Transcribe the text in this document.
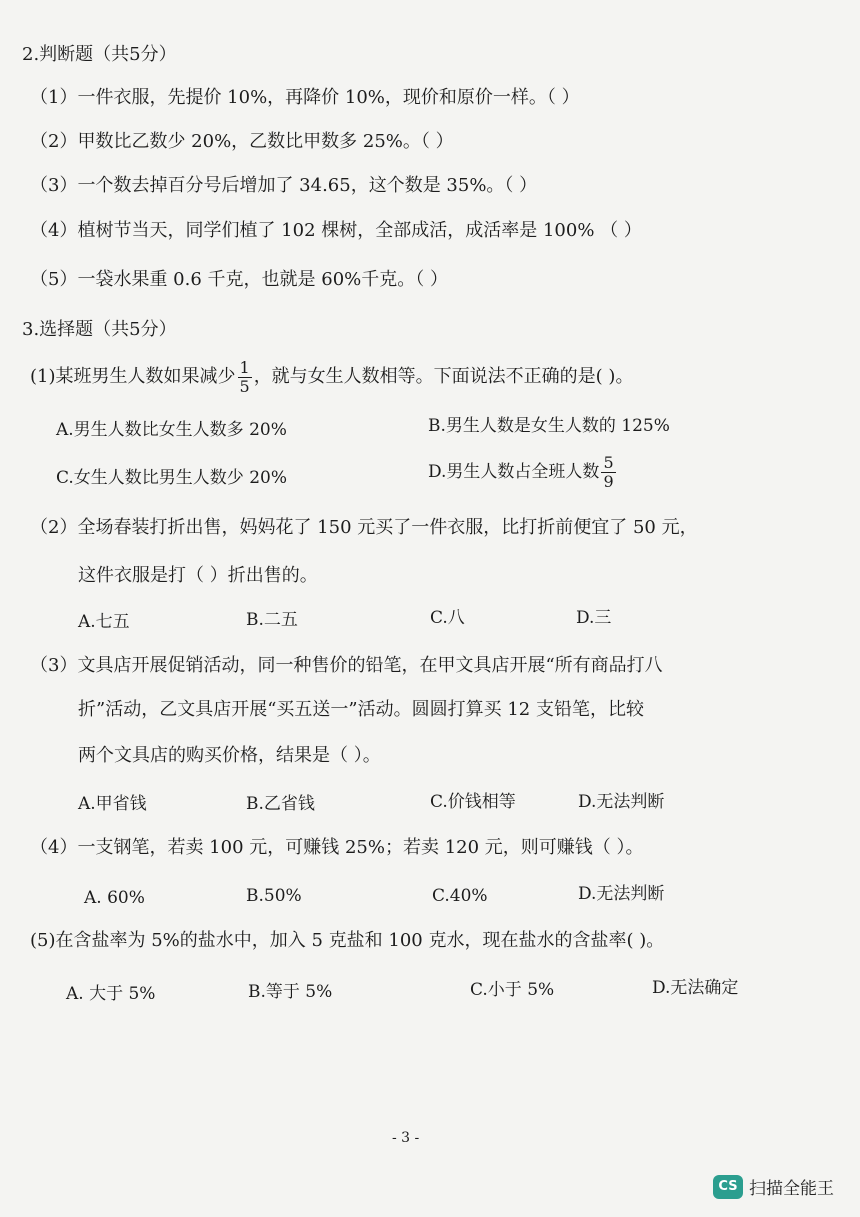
2.判断题（共5分）
（1）一件衣服，先提价 10%，再降价 10%，现价和原价一样。（ ）
（2）甲数比乙数少 20%，乙数比甲数多 25%。（ ）
（3）一个数去掉百分号后增加了 34.65，这个数是 35%。（ ）
（4）植树节当天，同学们植了 102 棵树，全部成活，成活率是 100% （ ）
（5）一袋水果重 0.6 千克，也就是 60%千克。（ ）
3.选择题（共5分）
(1)某班男生人数如果减少 $\frac{1}{5}$ ，就与女生人数相等。下面说法不正确的是( )。
A.男生人数比女生人数多 20%	B.男生人数是女生人数的 125%
C.女生人数比男生人数少 20%	D.男生人数占全班人数 $\frac{5}{9}$
（2）全场春装打折出售，妈妈花了 150 元买了一件衣服，比打折前便宜了 50 元，
这件衣服是打（ ）折出售的。
A.七五	B.二五	C.八	D.三
（3）文具店开展促销活动，同一种售价的铅笔，在甲文具店开展“所有商品打八
折”活动，乙文具店开展“买五送一”活动。圆圆打算买 12 支铅笔，比较
两个文具店的购买价格，结果是（ ）。
A.甲省钱	B.乙省钱	C.价钱相等	D.无法判断
（4）一支钢笔，若卖 100 元，可赚钱 25%；若卖 120 元，则可赚钱（ ）。
A. 60%	B.50%	C.40%	D.无法判断
(5)在含盐率为 5%的盐水中，加入 5 克盐和 100 克水，现在盐水的含盐率( )。
A. 大于 5%	B.等于 5%	C.小于 5%	D.无法确定
- 3 -
CS 扫描全能王
